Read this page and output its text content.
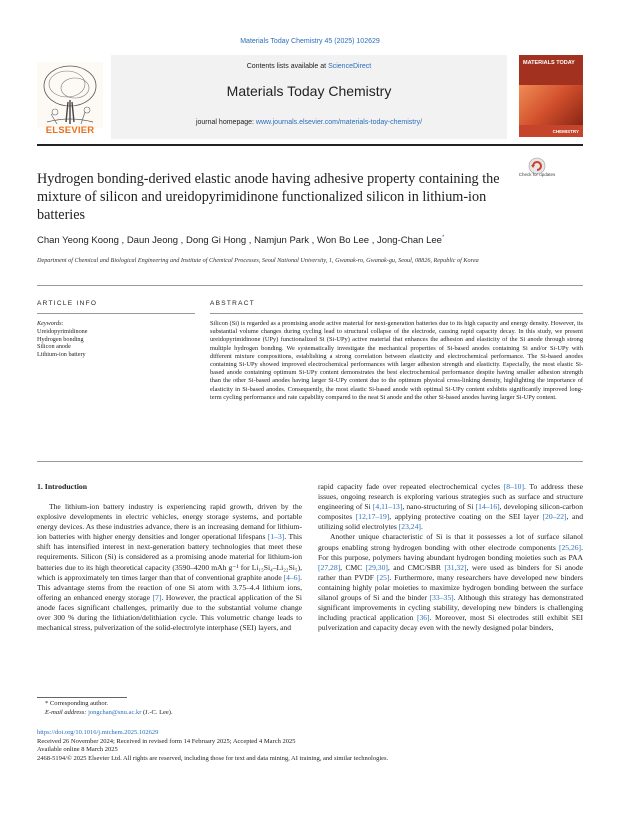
Materials Today Chemistry 45 (2025) 102629
ELSEVIER
Contents lists available at ScienceDirect
Materials Today Chemistry
journal homepage: www.journals.elsevier.com/materials-today-chemistry/
MATERIALS TODAY
CHEMISTRY
Check for updates
Hydrogen bonding-derived elastic anode having adhesive property containing the mixture of silicon and ureidopyrimidinone functionalized silicon in lithium-ion batteries
Chan Yeong Koong , Daun Jeong , Dong Gi Hong , Namjun Park , Won Bo Lee , Jong-Chan Lee*
Department of Chemical and Biological Engineering and Institute of Chemical Processes, Seoul National University, 1, Gwanak-ro, Gwanak-gu, Seoul, 08826, Republic of Korea
ARTICLE INFO
Keywords:
Ureidopyrimidinone
Hydrogen bonding
Silicon anode
Lithium-ion battery
ABSTRACT
Silicon (Si) is regarded as a promising anode active material for next-generation batteries due to its high capacity and energy density. However, its substantial volume changes during cycling lead to structural collapse of the electrode, causing rapid capacity decay. In this study, we present ureidopyrimidinone (UPy) functionalized Si (Si-UPy) active material that enhances the adhesion and elasticity of the Si anode through strong multiple hydrogen bonding. We systematically investigate the mechanical properties of Si-based anodes containing Si and/or Si-UPy with different mixture compositions, establishing a strong correlation between elasticity and electrochemical performance. The Si-based anodes containing Si-UPy showed improved electrochemical performances with larger adhesion strength and elasticity. Especially, the most elastic Si-based anode containing optimum Si-UPy content demonstrates the best electrochemical performance despite having smaller adhesion strength than the other Si-based anodes having larger Si-UPy content due to the optimum physical cross-linking density, highlighting the importance of elasticity in Si-based anodes. Consequently, the most elastic Si-based anode with optimal Si-UPy content exhibits significantly improved long-term cycling performance and rate capability compared to the neat Si anode and the other Si-based anodes having larger Si-UPy content.
1. Introduction
The lithium-ion battery industry is experiencing rapid growth, driven by the explosive developments in electric vehicles, energy storage systems, and portable energy devices. As these industries advance, there is an increasing demand for lithium-ion batteries with higher energy densities and longer operational lifespans [1–3]. This shift has intensified interest in next-generation battery technologies that meet these requirements. Silicon (Si) is considered as a promising anode material for lithium-ion batteries due to its high theoretical capacity (3590–4200 mAh g⁻¹ for Li₁₅Si₄–Li₂₂Si₅), which is approximately ten times larger than that of conventional graphite anode [4–6]. This advantage stems from the reaction of one Si atom with 3.75–4.4 lithium ions, offering an enhanced energy storage [7]. However, the practical application of the Si anode faces significant challenges, primarily due to the substantial volume change over 300 % during the lithiation/delithiation cycle. This volumetric change leads to mechanical stress, pulverization of the solid-electrolyte interphase (SEI) layers, and
rapid capacity fade over repeated electrochemical cycles [8–10]. To address these issues, ongoing research is exploring various strategies such as surface and structure engineering of Si [4,11–13], nano-structuring of Si [14–16], developing silicon-carbon composites [12,17–19], applying protective coating on the SEI layer [20–22], and utilizing solid electrolytes [23,24].
Another unique characteristic of Si is that it possesses a lot of surface silanol groups enabling strong hydrogen bonding with other electrode components [25,26]. For this purpose, polymers having abundant hydrogen bonding moieties such as PAA [27,28], CMC [29,30], and CMC/SBR [31,32], were used as binders for Si anode rather than PVDF [25]. Furthermore, many researchers have developed new binders containing highly polar moieties to maximize hydrogen bonding between the surface silanol groups of Si and the binder [33–35]. Although this strategy has demonstrated significant improvements in cycling stability, developing new binders is challenging including practical application [36]. Moreover, most Si electrodes still exhibit SEI pulverization and capacity decay even with the newly designed polar binders,
* Corresponding author.
E-mail address: jongchan@snu.ac.kr (J.-C. Lee).
https://doi.org/10.1016/j.mtchem.2025.102629
Received 26 November 2024; Received in revised form 14 February 2025; Accepted 4 March 2025
Available online 8 March 2025
2468-5194/© 2025 Elsevier Ltd. All rights are reserved, including those for text and data mining, AI training, and similar technologies.
